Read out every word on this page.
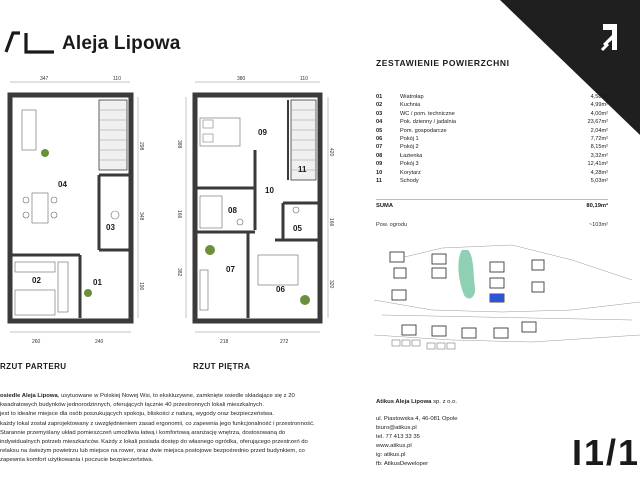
Aleja Lipowa
347	110
04
03
02	01
298
348
190
260	240
380	110
09
11
10
08
05
07
06
388
166
382
420
166
320
218	272
RZUT PARTERU	RZUT PIĘTRA
ZESTAWIENIE POWIERZCHNI
01	Wiatrołap	4,58m²
02	Kuchnia	4,99m²
03	WC / pom. techniczne	4,00m²
04	Pok. dzienny / jadalnia	23,67m²
05	Pom. gospodarcze	2,04m²
06	Pokój 1	7,72m²
07	Pokój 2	8,15m²
08	Łazienka	3,32m²
09	Pokój 3	12,41m²
10	Korytarz	4,28m²
11	Schody	5,03m²
SUMA	80,19m²
Pow. ogrodu	~103m²
osiedle Aleja Lipowa, usytuowane w Polskiej Nowej Wsi, to ekskluzywne, zamknięte osiedle składające się z 20
kwadratowych budynków jednorodzinnych, oferujących łącznie 40 przestronnych lokali mieszkalnych.
jest to idealne miejsce dla osób poszukujących spokoju, bliskości z naturą, wygody oraz bezpieczeństwa.
każdy lokal został zaprojektowany z uwzględnieniem zasad ergonomii, co zapewnia jego funkcjonalność i przestronność.
Starannie przemyślany układ pomieszczeń umożliwia łatwą i komfortową aranżację wnętrza, dostosowaną do
indywidualnych potrzeb mieszkańców. Każdy z lokali posiada dostęp do własnego ogródka, oferującego przestrzeń do
relaksu na świeżym powietrzu lub miejsce na rower, oraz dwie miejsca postojowe bezpośrednio przed budynkiem, co
zapewnia komfort użytkowania i poczucie bezpieczeństwa.
Atikus Aleja Lipowa sp. z o.o.
ul. Piastowska 4, 46-081 Opole
biuro@atikus.pl
tel. 77 413 33 35
www.atikus.pl
ig: atikus.pl
fb: AtikusDeweloper	I1/1
